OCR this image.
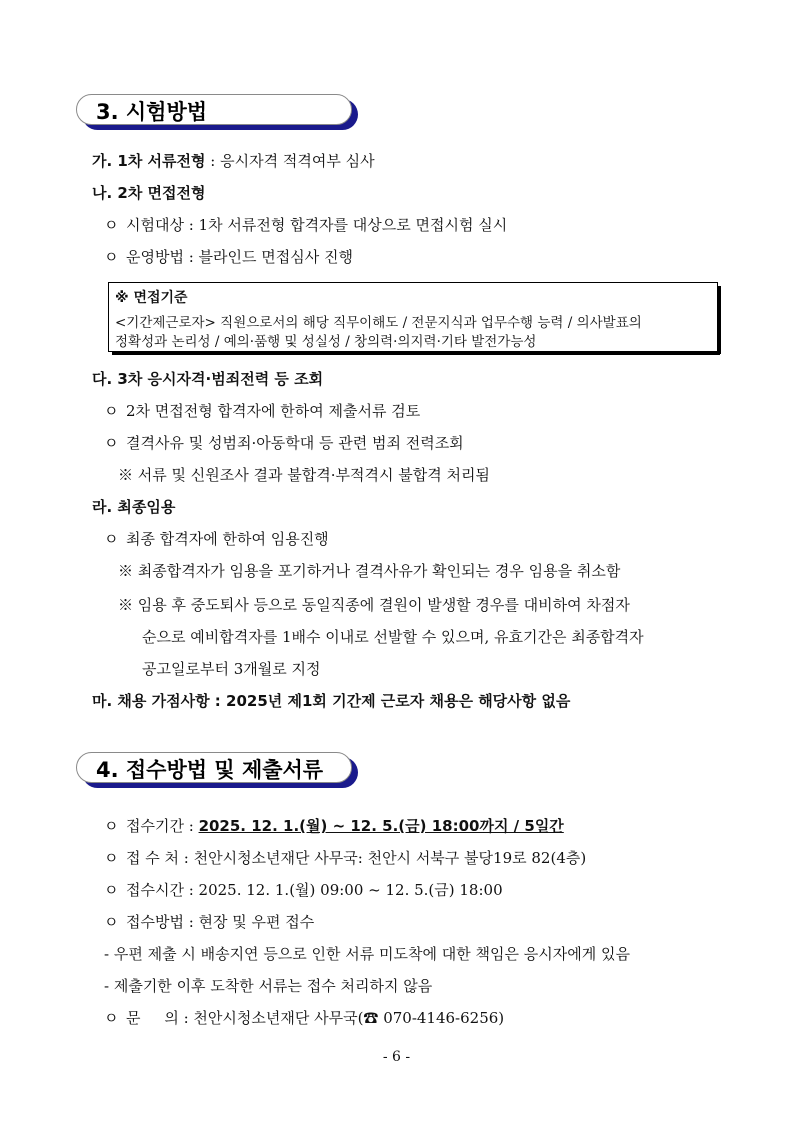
3. 시험방법
가. 1차 서류전형 : 응시자격 적격여부 심사
나. 2차 면접전형
ㅇ 시험대상 : 1차 서류전형 합격자를 대상으로 면접시험 실시
ㅇ 운영방법 : 블라인드 면접심사 진행
※ 면접기준
<기간제근로자> 직원으로서의 해당 직무이해도 / 전문지식과 업무수행 능력 / 의사발표의
정확성과 논리성 / 예의·품행 및 성실성 / 창의력·의지력·기타 발전가능성
다. 3차 응시자격·범죄전력 등 조회
ㅇ 2차 면접전형 합격자에 한하여 제출서류 검토
ㅇ 결격사유 및 성범죄·아동학대 등 관련 범죄 전력조회
※ 서류 및 신원조사 결과 불합격·부적격시 불합격 처리됨
라. 최종임용
ㅇ 최종 합격자에 한하여 임용진행
※ 최종합격자가 임용을 포기하거나 결격사유가 확인되는 경우 임용을 취소함
※ 임용 후 중도퇴사 등으로 동일직종에 결원이 발생할 경우를 대비하여 차점자
순으로 예비합격자를 1배수 이내로 선발할 수 있으며, 유효기간은 최종합격자
공고일로부터 3개월로 지정
마. 채용 가점사항 : 2025년 제1회 기간제 근로자 채용은 해당사항 없음
4. 접수방법 및 제출서류
ㅇ 접수기간 : 2025. 12. 1.(월) ~ 12. 5.(금) 18:00까지 / 5일간
ㅇ 접 수 처 : 천안시청소년재단 사무국: 천안시 서북구 불당19로 82(4층)
ㅇ 접수시간 : 2025. 12. 1.(월) 09:00 ~ 12. 5.(금) 18:00
ㅇ 접수방법 : 현장 및 우편 접수
- 우편 제출 시 배송지연 등으로 인한 서류 미도착에 대한 책임은 응시자에게 있음
- 제출기한 이후 도착한 서류는 접수 처리하지 않음
ㅇ 문     의 : 천안시청소년재단 사무국(☎ 070-4146-6256)
- 6 -
